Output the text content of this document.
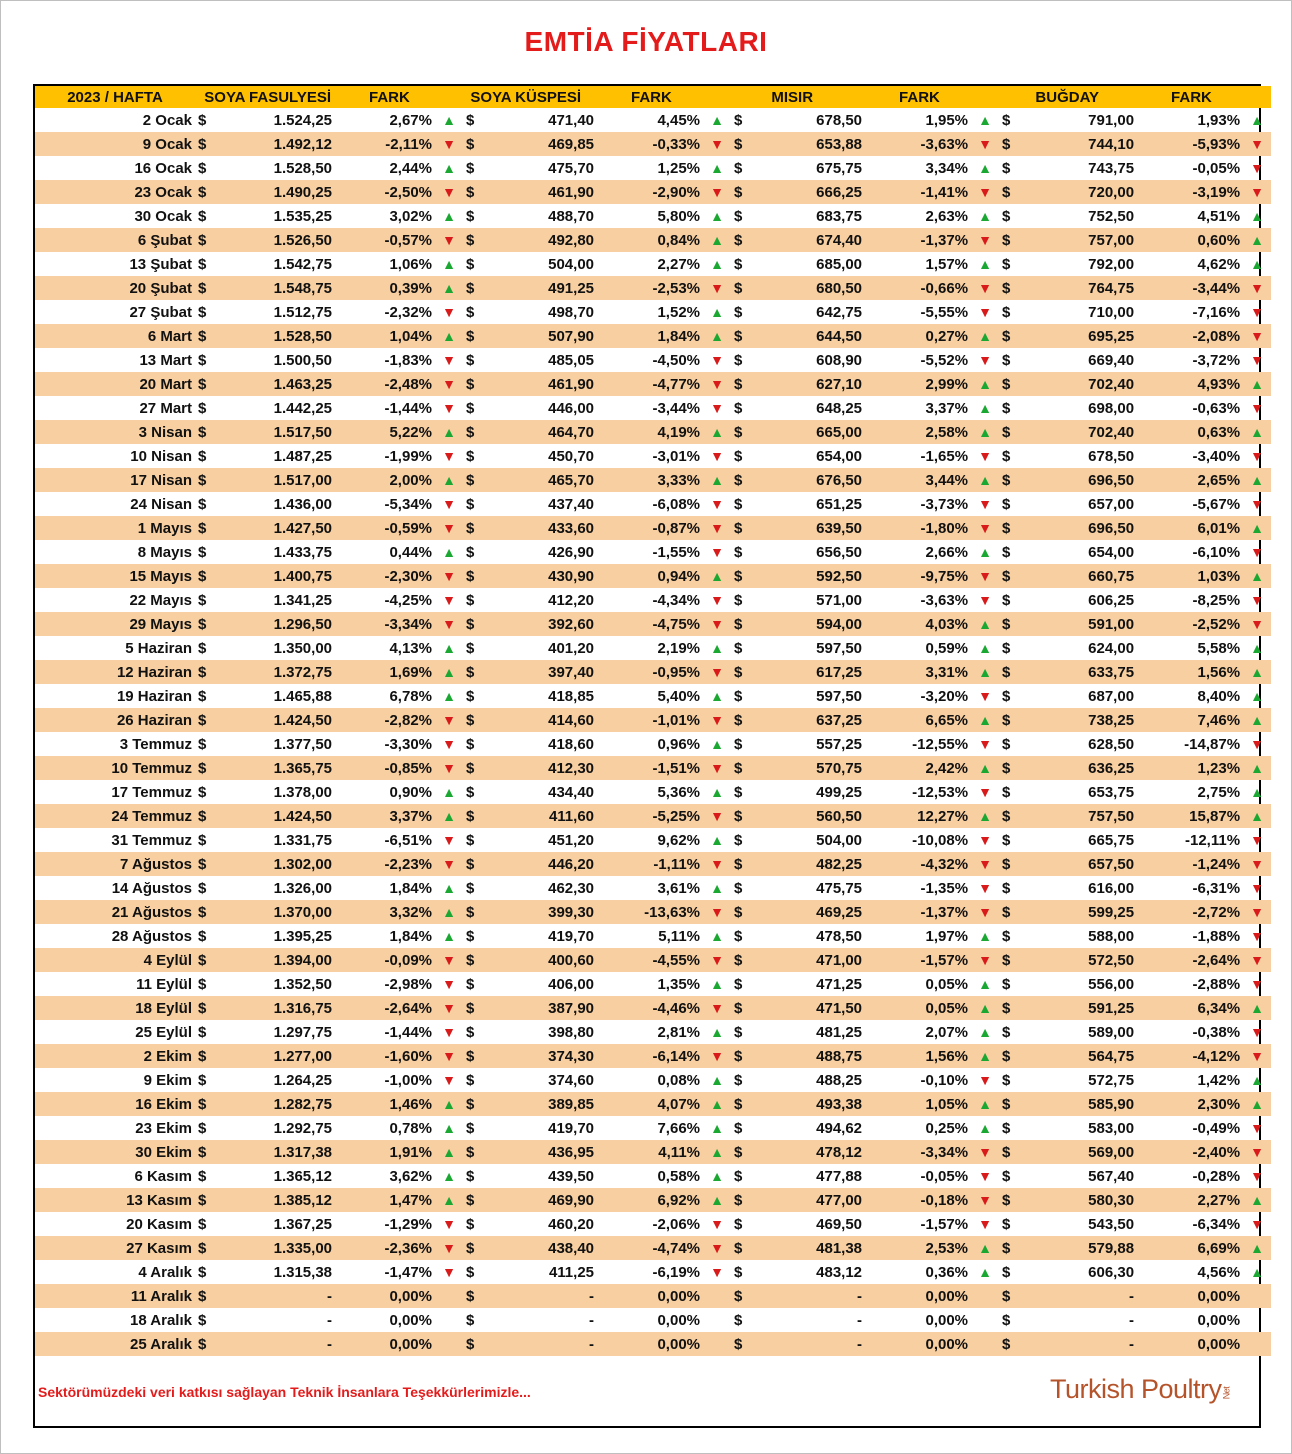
EMTİA FİYATLARI
2023 / HAFTA	SOYA FASULYESİ		FARK		SOYA KÜSPESİ		FARK		MISIR		FARK		BUĞDAY		FARK	
2 Ocak	$	1.524,25	2,67%	▲	$	471,40	4,45%	▲	$	678,50	1,95%	▲	$	791,00	1,93%	▲
9 Ocak	$	1.492,12	-2,11%	▼	$	469,85	-0,33%	▼	$	653,88	-3,63%	▼	$	744,10	-5,93%	▼
16 Ocak	$	1.528,50	2,44%	▲	$	475,70	1,25%	▲	$	675,75	3,34%	▲	$	743,75	-0,05%	▼
23 Ocak	$	1.490,25	-2,50%	▼	$	461,90	-2,90%	▼	$	666,25	-1,41%	▼	$	720,00	-3,19%	▼
30 Ocak	$	1.535,25	3,02%	▲	$	488,70	5,80%	▲	$	683,75	2,63%	▲	$	752,50	4,51%	▲
6 Şubat	$	1.526,50	-0,57%	▼	$	492,80	0,84%	▲	$	674,40	-1,37%	▼	$	757,00	0,60%	▲
13 Şubat	$	1.542,75	1,06%	▲	$	504,00	2,27%	▲	$	685,00	1,57%	▲	$	792,00	4,62%	▲
20 Şubat	$	1.548,75	0,39%	▲	$	491,25	-2,53%	▼	$	680,50	-0,66%	▼	$	764,75	-3,44%	▼
27 Şubat	$	1.512,75	-2,32%	▼	$	498,70	1,52%	▲	$	642,75	-5,55%	▼	$	710,00	-7,16%	▼
6 Mart	$	1.528,50	1,04%	▲	$	507,90	1,84%	▲	$	644,50	0,27%	▲	$	695,25	-2,08%	▼
13 Mart	$	1.500,50	-1,83%	▼	$	485,05	-4,50%	▼	$	608,90	-5,52%	▼	$	669,40	-3,72%	▼
20 Mart	$	1.463,25	-2,48%	▼	$	461,90	-4,77%	▼	$	627,10	2,99%	▲	$	702,40	4,93%	▲
27 Mart	$	1.442,25	-1,44%	▼	$	446,00	-3,44%	▼	$	648,25	3,37%	▲	$	698,00	-0,63%	▼
3 Nisan	$	1.517,50	5,22%	▲	$	464,70	4,19%	▲	$	665,00	2,58%	▲	$	702,40	0,63%	▲
10 Nisan	$	1.487,25	-1,99%	▼	$	450,70	-3,01%	▼	$	654,00	-1,65%	▼	$	678,50	-3,40%	▼
17 Nisan	$	1.517,00	2,00%	▲	$	465,70	3,33%	▲	$	676,50	3,44%	▲	$	696,50	2,65%	▲
24 Nisan	$	1.436,00	-5,34%	▼	$	437,40	-6,08%	▼	$	651,25	-3,73%	▼	$	657,00	-5,67%	▼
1 Mayıs	$	1.427,50	-0,59%	▼	$	433,60	-0,87%	▼	$	639,50	-1,80%	▼	$	696,50	6,01%	▲
8 Mayıs	$	1.433,75	0,44%	▲	$	426,90	-1,55%	▼	$	656,50	2,66%	▲	$	654,00	-6,10%	▼
15 Mayıs	$	1.400,75	-2,30%	▼	$	430,90	0,94%	▲	$	592,50	-9,75%	▼	$	660,75	1,03%	▲
22 Mayıs	$	1.341,25	-4,25%	▼	$	412,20	-4,34%	▼	$	571,00	-3,63%	▼	$	606,25	-8,25%	▼
29 Mayıs	$	1.296,50	-3,34%	▼	$	392,60	-4,75%	▼	$	594,00	4,03%	▲	$	591,00	-2,52%	▼
5 Haziran	$	1.350,00	4,13%	▲	$	401,20	2,19%	▲	$	597,50	0,59%	▲	$	624,00	5,58%	▲
12 Haziran	$	1.372,75	1,69%	▲	$	397,40	-0,95%	▼	$	617,25	3,31%	▲	$	633,75	1,56%	▲
19 Haziran	$	1.465,88	6,78%	▲	$	418,85	5,40%	▲	$	597,50	-3,20%	▼	$	687,00	8,40%	▲
26 Haziran	$	1.424,50	-2,82%	▼	$	414,60	-1,01%	▼	$	637,25	6,65%	▲	$	738,25	7,46%	▲
3 Temmuz	$	1.377,50	-3,30%	▼	$	418,60	0,96%	▲	$	557,25	-12,55%	▼	$	628,50	-14,87%	▼
10 Temmuz	$	1.365,75	-0,85%	▼	$	412,30	-1,51%	▼	$	570,75	2,42%	▲	$	636,25	1,23%	▲
17 Temmuz	$	1.378,00	0,90%	▲	$	434,40	5,36%	▲	$	499,25	-12,53%	▼	$	653,75	2,75%	▲
24 Temmuz	$	1.424,50	3,37%	▲	$	411,60	-5,25%	▼	$	560,50	12,27%	▲	$	757,50	15,87%	▲
31 Temmuz	$	1.331,75	-6,51%	▼	$	451,20	9,62%	▲	$	504,00	-10,08%	▼	$	665,75	-12,11%	▼
7 Ağustos	$	1.302,00	-2,23%	▼	$	446,20	-1,11%	▼	$	482,25	-4,32%	▼	$	657,50	-1,24%	▼
14 Ağustos	$	1.326,00	1,84%	▲	$	462,30	3,61%	▲	$	475,75	-1,35%	▼	$	616,00	-6,31%	▼
21 Ağustos	$	1.370,00	3,32%	▲	$	399,30	-13,63%	▼	$	469,25	-1,37%	▼	$	599,25	-2,72%	▼
28 Ağustos	$	1.395,25	1,84%	▲	$	419,70	5,11%	▲	$	478,50	1,97%	▲	$	588,00	-1,88%	▼
4 Eylül	$	1.394,00	-0,09%	▼	$	400,60	-4,55%	▼	$	471,00	-1,57%	▼	$	572,50	-2,64%	▼
11 Eylül	$	1.352,50	-2,98%	▼	$	406,00	1,35%	▲	$	471,25	0,05%	▲	$	556,00	-2,88%	▼
18 Eylül	$	1.316,75	-2,64%	▼	$	387,90	-4,46%	▼	$	471,50	0,05%	▲	$	591,25	6,34%	▲
25 Eylül	$	1.297,75	-1,44%	▼	$	398,80	2,81%	▲	$	481,25	2,07%	▲	$	589,00	-0,38%	▼
2 Ekim	$	1.277,00	-1,60%	▼	$	374,30	-6,14%	▼	$	488,75	1,56%	▲	$	564,75	-4,12%	▼
9 Ekim	$	1.264,25	-1,00%	▼	$	374,60	0,08%	▲	$	488,25	-0,10%	▼	$	572,75	1,42%	▲
16 Ekim	$	1.282,75	1,46%	▲	$	389,85	4,07%	▲	$	493,38	1,05%	▲	$	585,90	2,30%	▲
23 Ekim	$	1.292,75	0,78%	▲	$	419,70	7,66%	▲	$	494,62	0,25%	▲	$	583,00	-0,49%	▼
30 Ekim	$	1.317,38	1,91%	▲	$	436,95	4,11%	▲	$	478,12	-3,34%	▼	$	569,00	-2,40%	▼
6 Kasım	$	1.365,12	3,62%	▲	$	439,50	0,58%	▲	$	477,88	-0,05%	▼	$	567,40	-0,28%	▼
13 Kasım	$	1.385,12	1,47%	▲	$	469,90	6,92%	▲	$	477,00	-0,18%	▼	$	580,30	2,27%	▲
20 Kasım	$	1.367,25	-1,29%	▼	$	460,20	-2,06%	▼	$	469,50	-1,57%	▼	$	543,50	-6,34%	▼
27 Kasım	$	1.335,00	-2,36%	▼	$	438,40	-4,74%	▼	$	481,38	2,53%	▲	$	579,88	6,69%	▲
4 Aralık	$	1.315,38	-1,47%	▼	$	411,25	-6,19%	▼	$	483,12	0,36%	▲	$	606,30	4,56%	▲
11 Aralık	$	-	0,00%		$	-	0,00%		$	-	0,00%		$	-	0,00%	
18 Aralık	$	-	0,00%		$	-	0,00%		$	-	0,00%		$	-	0,00%	
25 Aralık	$	-	0,00%		$	-	0,00%		$	-	0,00%		$	-	0,00%	
Sektörümüzdeki veri katkısı sağlayan Teknik İnsanlara Teşekkürlerimizle...	Turkish PoultryNet
